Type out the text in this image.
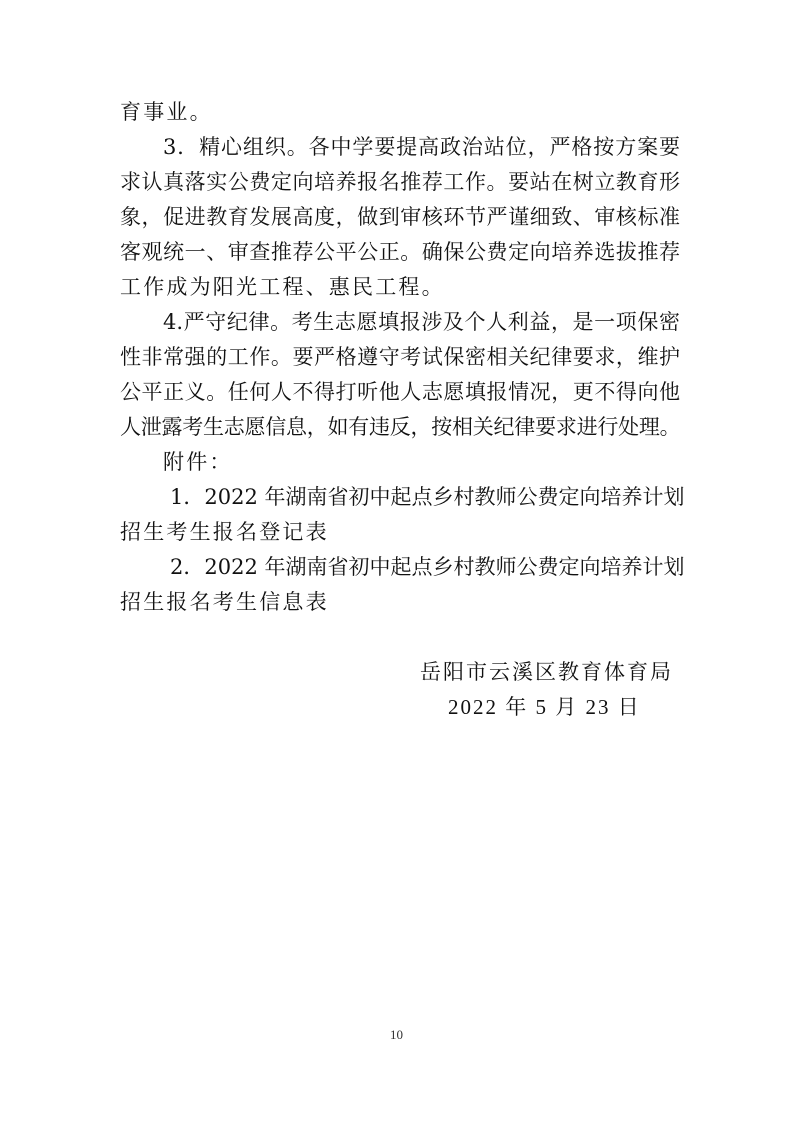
育事业。
3．精心组织。各中学要提高政治站位，严格按方案要
求认真落实公费定向培养报名推荐工作。要站在树立教育形
象，促进教育发展高度，做到审核环节严谨细致、审核标准
客观统一、审查推荐公平公正。确保公费定向培养选拔推荐
工作成为阳光工程、惠民工程。
4.严守纪律。考生志愿填报涉及个人利益，是一项保密
性非常强的工作。要严格遵守考试保密相关纪律要求，维护
公平正义。任何人不得打听他人志愿填报情况，更不得向他
人泄露考生志愿信息，如有违反，按相关纪律要求进行处理。
附件：
1．2022 年湖南省初中起点乡村教师公费定向培养计划
招生考生报名登记表
2．2022 年湖南省初中起点乡村教师公费定向培养计划
招生报名考生信息表
岳阳市云溪区教育体育局
2022 年 5 月 23 日
10
